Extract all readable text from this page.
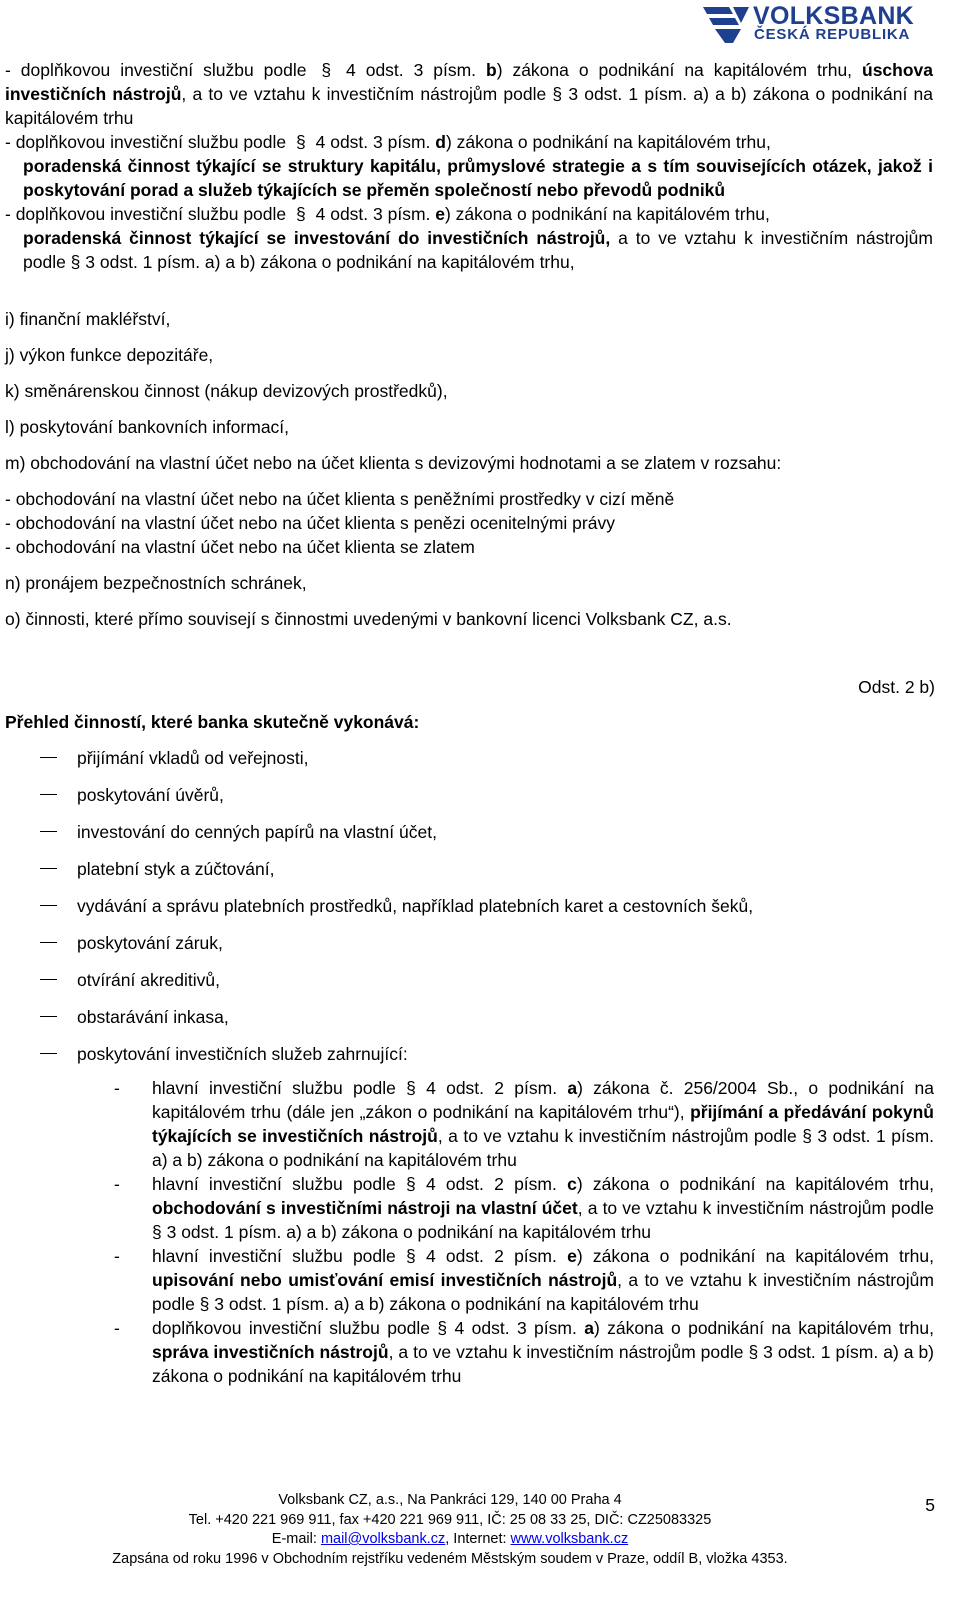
VOLKSBANK
ČESKÁ REPUBLIKA
- doplňkovou investiční službu podle § 4 odst. 3 písm. b) zákona o podnikání na kapitálovém trhu, úschova investičních nástrojů, a to ve vztahu k investičním nástrojům podle § 3 odst. 1 písm. a) a b) zákona o podnikání na kapitálovém trhu
- doplňkovou investiční službu podle § 4 odst. 3 písm. d) zákona o podnikání na kapitálovém trhu,
poradenská činnost týkající se struktury kapitálu, průmyslové strategie a s tím souvisejících otázek, jakož i poskytování porad a služeb týkajících se přeměn společností nebo převodů podniků
- doplňkovou investiční službu podle § 4 odst. 3 písm. e) zákona o podnikání na kapitálovém trhu,
poradenská činnost týkající se investování do investičních nástrojů, a to ve vztahu k investičním nástrojům podle § 3 odst. 1 písm. a) a b) zákona o podnikání na kapitálovém trhu,
i) finanční makléřství,
j) výkon funkce depozitáře,
k) směnárenskou činnost (nákup devizových prostředků),
l) poskytování bankovních informací,
m) obchodování na vlastní účet nebo na účet klienta s devizovými hodnotami a se zlatem v rozsahu:
- obchodování na vlastní účet nebo na účet klienta s peněžními prostředky v cizí měně
- obchodování na vlastní účet nebo na účet klienta s penězi ocenitelnými právy
- obchodování na vlastní účet nebo na účet klienta se zlatem
n) pronájem bezpečnostních schránek,
o) činnosti, které přímo souvisejí s činnostmi uvedenými v bankovní licenci Volksbank CZ, a.s.
Odst. 2 b)
Přehled činností, které banka skutečně vykonává:
přijímání vkladů od veřejnosti,
poskytování úvěrů,
investování do cenných papírů na vlastní účet,
platební styk a zúčtování,
vydávání a správu platebních prostředků, například platebních karet a cestovních šeků,
poskytování záruk,
otvírání akreditivů,
obstarávání inkasa,
poskytování investičních služeb zahrnující:
- hlavní investiční službu podle § 4 odst. 2 písm. a) zákona č. 256/2004 Sb., o podnikání na kapitálovém trhu (dále jen „zákon o podnikání na kapitálovém trhu“), přijímání a předávání pokynů týkajících se investičních nástrojů, a to ve vztahu k investičním nástrojům podle § 3 odst. 1 písm. a) a b) zákona o podnikání na kapitálovém trhu
- hlavní investiční službu podle § 4 odst. 2 písm. c) zákona o podnikání na kapitálovém trhu, obchodování s investičními nástroji na vlastní účet, a to ve vztahu k investičním nástrojům podle § 3 odst. 1 písm. a) a b) zákona o podnikání na kapitálovém trhu
- hlavní investiční službu podle § 4 odst. 2 písm. e) zákona o podnikání na kapitálovém trhu, upisování nebo umisťování emisí investičních nástrojů, a to ve vztahu k investičním nástrojům podle § 3 odst. 1 písm. a) a b) zákona o podnikání na kapitálovém trhu
- doplňkovou investiční službu podle § 4 odst. 3 písm. a) zákona o podnikání na kapitálovém trhu, správa investičních nástrojů, a to ve vztahu k investičním nástrojům podle § 3 odst. 1 písm. a) a b) zákona o podnikání na kapitálovém trhu
Volksbank CZ, a.s., Na Pankráci 129, 140 00 Praha 4
Tel. +420 221 969 911, fax +420 221 969 911, IČ: 25 08 33 25, DIČ: CZ25083325
E-mail: mail@volksbank.cz, Internet: www.volksbank.cz
Zapsána od roku 1996 v Obchodním rejstříku vedeném Městským soudem v Praze, oddíl B, vložka 4353.
5
